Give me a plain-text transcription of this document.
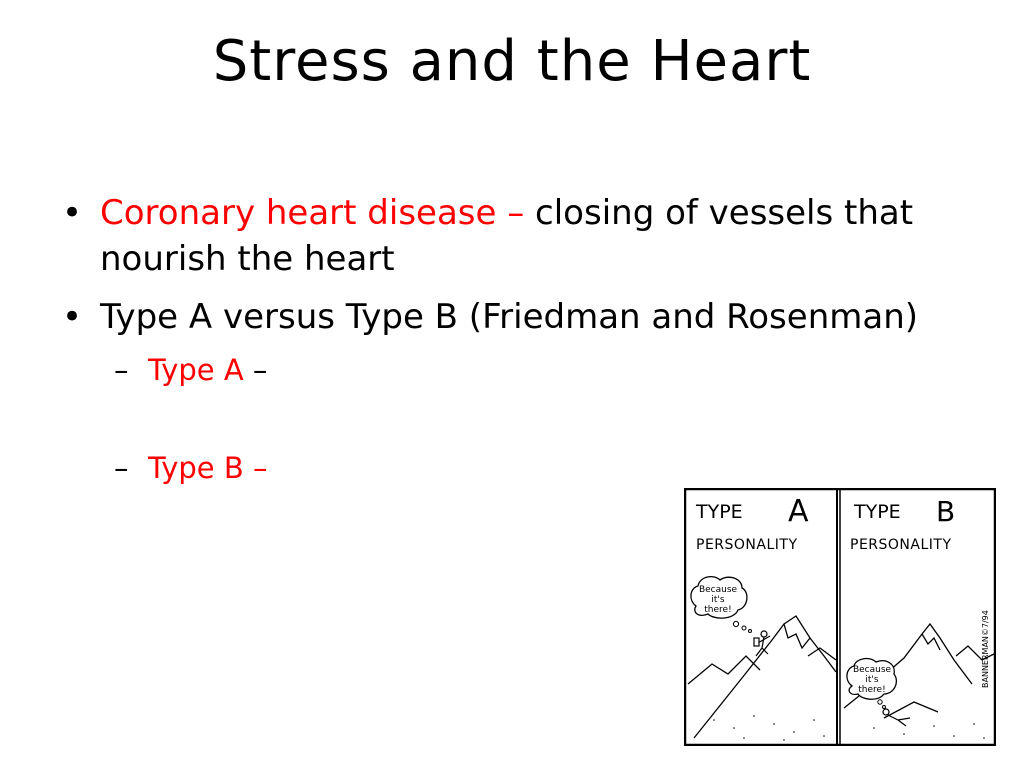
Stress and the Heart
• Coronary heart disease – closing of vessels that nourish the heart
• Type A versus Type B (Friedman and Rosenman)
– Type A –
– Type B –
TYPE A
PERSONALITY
TYPE B
PERSONALITY
Because
it's
there!
Because
it's
there!
BANNERMAN©7/94
